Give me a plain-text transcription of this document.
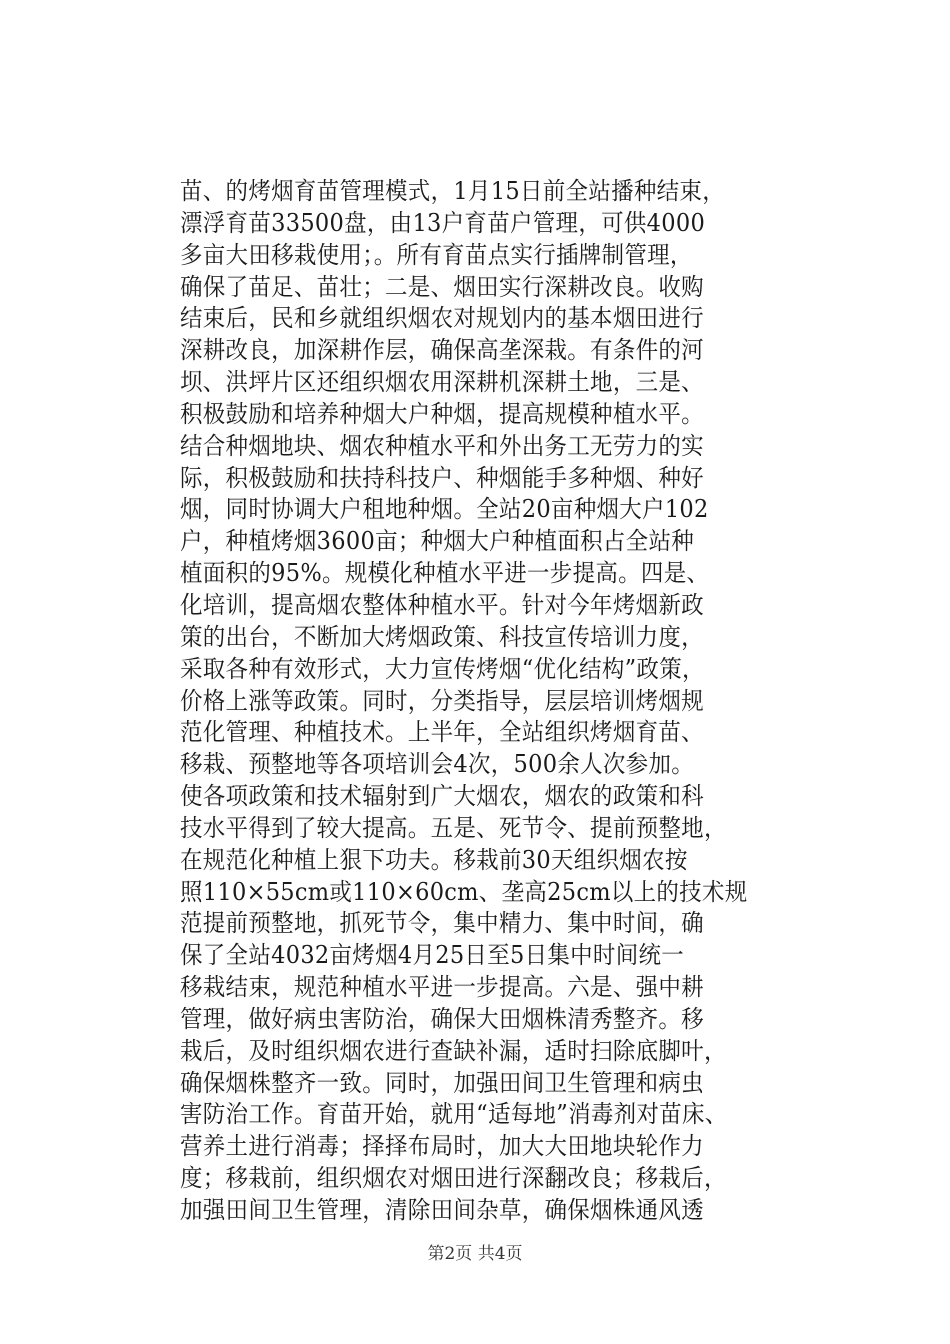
苗、的烤烟育苗管理模式，1月15日前全站播种结束，
漂浮育苗33500盘，由13户育苗户管理，可供4000
多亩大田移栽使用；。所有育苗点实行插牌制管理，
确保了苗足、苗壮；二是、烟田实行深耕改良。收购
结束后，民和乡就组织烟农对规划内的基本烟田进行
深耕改良，加深耕作层，确保高垄深栽。有条件的河
坝、洪坪片区还组织烟农用深耕机深耕土地，三是、
积极鼓励和培养种烟大户种烟，提高规模种植水平。
结合种烟地块、烟农种植水平和外出务工无劳力的实
际，积极鼓励和扶持科技户、种烟能手多种烟、种好
烟，同时协调大户租地种烟。全站20亩种烟大户102
户，种植烤烟3600亩；种烟大户种植面积占全站种
植面积的95%。规模化种植水平进一步提高。四是、
化培训，提高烟农整体种植水平。针对今年烤烟新政
策的出台，不断加大烤烟政策、科技宣传培训力度，
采取各种有效形式，大力宣传烤烟“优化结构”政策，
价格上涨等政策。同时，分类指导，层层培训烤烟规
范化管理、种植技术。上半年，全站组织烤烟育苗、
移栽、预整地等各项培训会4次，500余人次参加。
使各项政策和技术辐射到广大烟农，烟农的政策和科
技水平得到了较大提高。五是、死节令、提前预整地，
在规范化种植上狠下功夫。移栽前30天组织烟农按
照110×55cm或110×60cm、垄高25cm以上的技术规
范提前预整地，抓死节令，集中精力、集中时间，确
保了全站4032亩烤烟4月25日至5日集中时间统一
移栽结束，规范种植水平进一步提高。六是、强中耕
管理，做好病虫害防治，确保大田烟株清秀整齐。移
栽后，及时组织烟农进行查缺补漏，适时扫除底脚叶，
确保烟株整齐一致。同时，加强田间卫生管理和病虫
害防治工作。育苗开始，就用“适每地”消毒剂对苗床、
营养土进行消毒；择择布局时，加大大田地块轮作力
度；移栽前，组织烟农对烟田进行深翻改良；移栽后，
加强田间卫生管理，清除田间杂草，确保烟株通风透
第2页 共4页
